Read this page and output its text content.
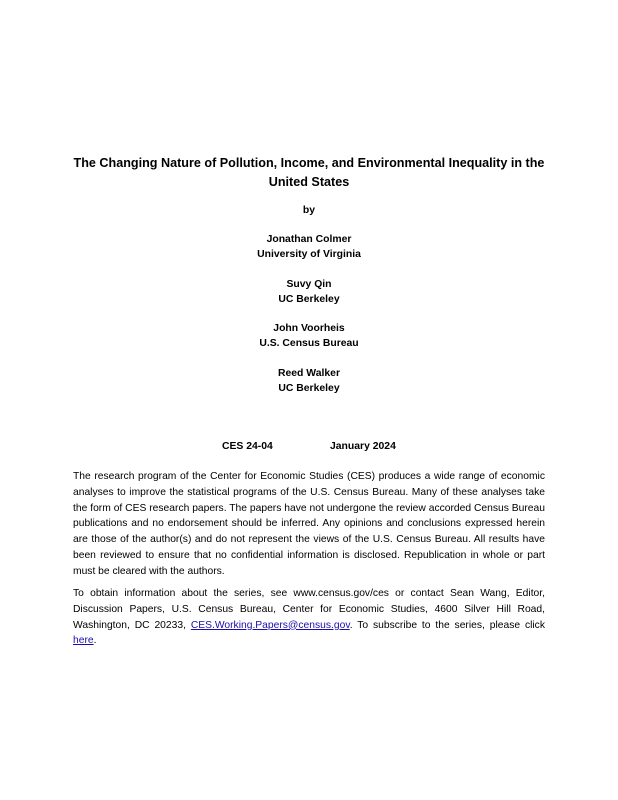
The Changing Nature of Pollution, Income, and Environmental Inequality in the United States
by
Jonathan Colmer
University of Virginia
Suvy Qin
UC Berkeley
John Voorheis
U.S. Census Bureau
Reed Walker
UC Berkeley
CES 24-04	January 2024

The research program of the Center for Economic Studies (CES) produces a wide range of economic analyses to improve the statistical programs of the U.S. Census Bureau. Many of these analyses take the form of CES research papers. The papers have not undergone the review accorded Census Bureau publications and no endorsement should be inferred. Any opinions and conclusions expressed herein are those of the author(s) and do not represent the views of the U.S. Census Bureau. All results have been reviewed to ensure that no confidential information is disclosed. Republication in whole or part must be cleared with the authors.

To obtain information about the series, see www.census.gov/ces or contact Sean Wang, Editor, Discussion Papers, U.S. Census Bureau, Center for Economic Studies, 4600 Silver Hill Road, Washington, DC 20233, CES.Working.Papers@census.gov. To subscribe to the series, please click here.
